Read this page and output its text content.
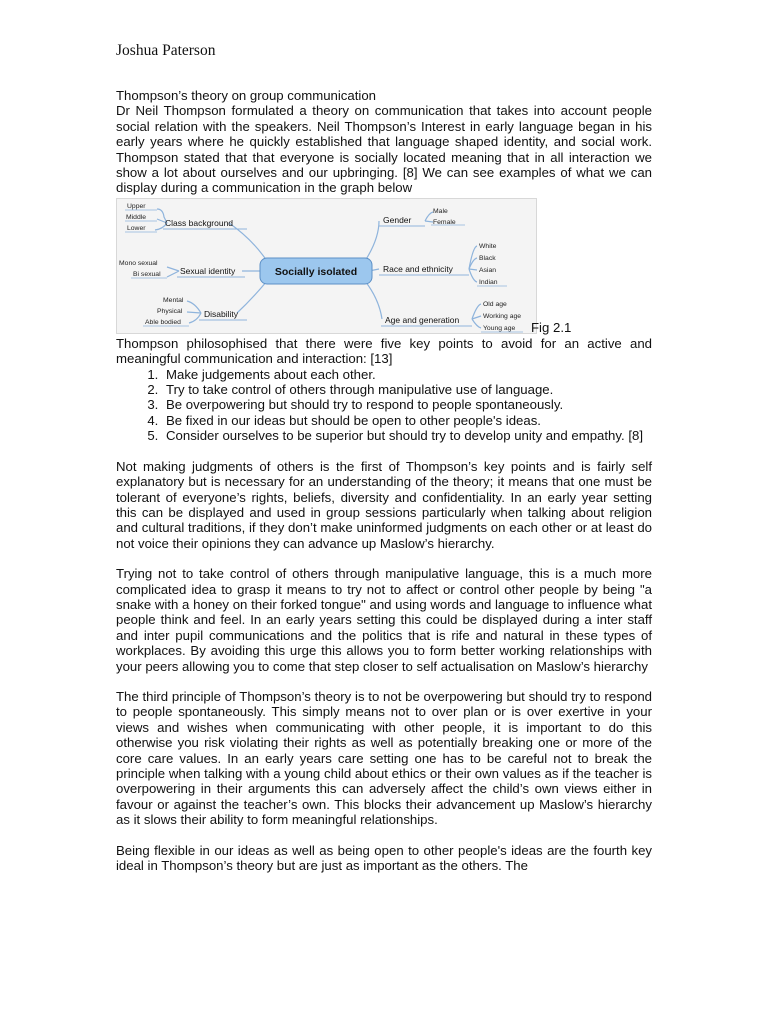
Joshua Paterson
Thompson’s theory on group communication

Dr Neil Thompson formulated a theory on communication that takes into account people social relation with the speakers. Neil Thompson’s Interest in early language began in his early years where he quickly established that language shaped identity, and social work. Thompson stated that that everyone is socially located meaning that in all interaction we show a lot about ourselves and our upbringing. [8] We can see examples of what we can display during a communication in the graph below

Socially isolated
Class background
Sexual identity
Disability
Gender
Race and ethnicity
Age and generation
Upper
Middle
Lower
Mono sexual
Bi sexual
Mental
Physical
Able bodied
Male
Female
White
Black
Asian
Indian
Old age
Working age
Young age Fig 2.1

Thompson philosophised that there were five key points to avoid for an active and meaningful communication and interaction: [13]

1. Make judgements about each other.
2. Try to take control of others through manipulative use of language.
3. Be overpowering but should try to respond to people spontaneously.
4. Be fixed in our ideas but should be open to other people's ideas.
5. Consider ourselves to be superior but should try to develop unity and empathy. [8]

Not making judgments of others is the first of Thompson’s key points and is fairly self explanatory but is necessary for an understanding of the theory; it means that one must be tolerant of everyone’s rights, beliefs, diversity and confidentiality. In an early year setting this can be displayed and used in group sessions particularly when talking about religion and cultural traditions, if they don’t make uninformed judgments on each other or at least do not voice their opinions they can advance up Maslow’s hierarchy.

Trying not to take control of others through manipulative language, this is a much more complicated idea to grasp it means to try not to affect or control other people by being "a snake with a honey on their forked tongue" and using words and language to influence what people think and feel. In an early years setting this could be displayed during a inter staff and inter pupil communications and the politics that is rife and natural in these types of workplaces. By avoiding this urge this allows you to form better working relationships with your peers allowing you to come that step closer to self actualisation on Maslow’s hierarchy

The third principle of Thompson’s theory is to not be overpowering but should try to respond to people spontaneously. This simply means not to over plan or is over exertive in your views and wishes when communicating with other people, it is important to do this otherwise you risk violating their rights as well as potentially breaking one or more of the core care values. In an early years care setting one has to be careful not to break the principle when talking with a young child about ethics or their own values as if the teacher is overpowering in their arguments this can adversely affect the child’s own views either in favour or against the teacher’s own. This blocks their advancement up Maslow’s hierarchy as it slows their ability to form meaningful relationships.

Being flexible in our ideas as well as being open to other people's ideas are the fourth key ideal in Thompson’s theory but are just as important as the others. The
